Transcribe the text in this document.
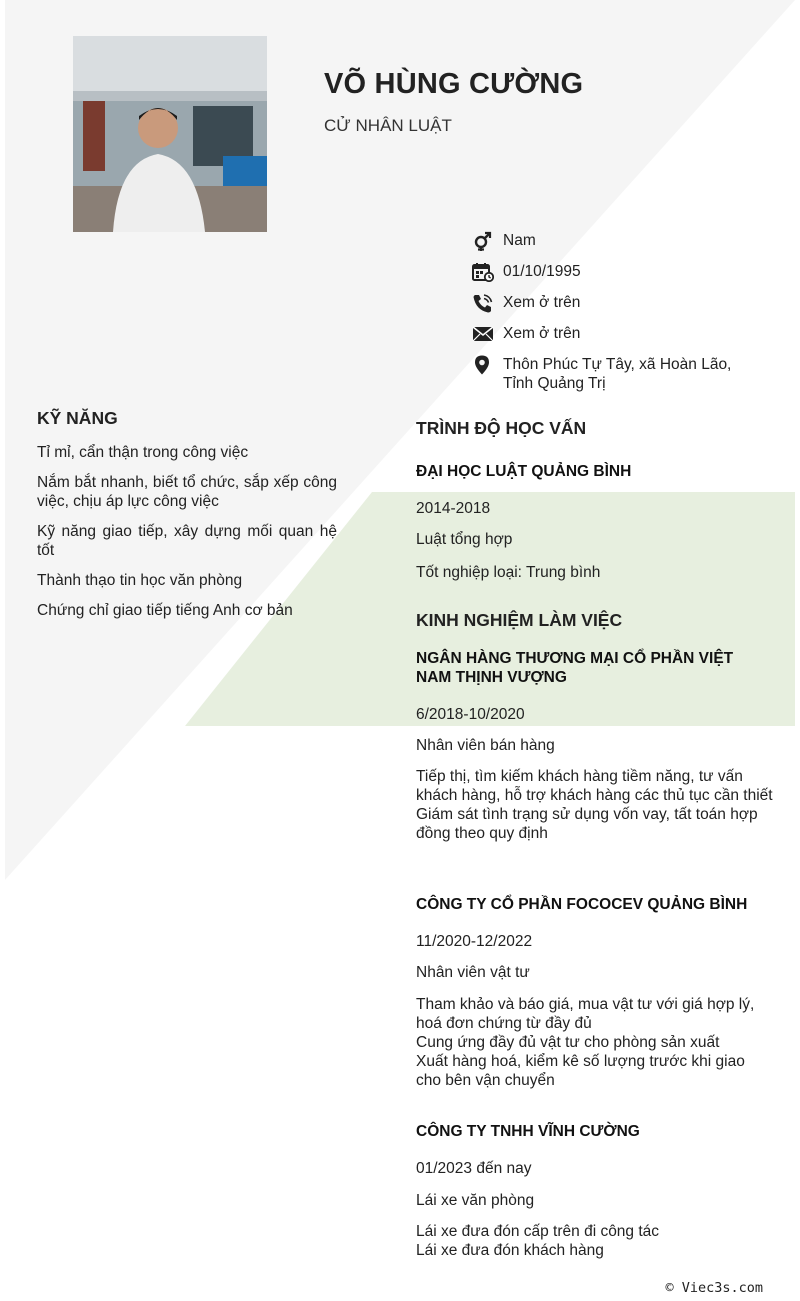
VÕ HÙNG CƯỜNG
CỬ NHÂN LUẬT
Nam
01/10/1995
Xem ở trên
Xem ở trên
Thôn Phúc Tự Tây, xã Hoàn Lão, Tỉnh Quảng Trị
KỸ NĂNG
Tỉ mỉ, cẩn thận trong công việc
Nắm bắt nhanh, biết tổ chức, sắp xếp công việc, chịu áp lực công việc
Kỹ năng giao tiếp, xây dựng mối quan hệ tốt
Thành thạo tin học văn phòng
Chứng chỉ giao tiếp tiếng Anh cơ bản
TRÌNH ĐỘ HỌC VẤN
ĐẠI HỌC LUẬT QUẢNG BÌNH
2014-2018
Luật tổng hợp
Tốt nghiệp loại: Trung bình
KINH NGHIỆM LÀM VIỆC
NGÂN HÀNG THƯƠNG MẠI CỔ PHẦN VIỆT NAM THỊNH VƯỢNG
6/2018-10/2020
Nhân viên bán hàng
Tiếp thị, tìm kiếm khách hàng tiềm năng, tư vấn khách hàng, hỗ trợ khách hàng các thủ tục cần thiết
Giám sát tình trạng sử dụng vốn vay, tất toán hợp đồng theo quy định
CÔNG TY CỔ PHẦN FOCOCEV QUẢNG BÌNH
11/2020-12/2022
Nhân viên vật tư
Tham khảo và báo giá, mua vật tư với giá hợp lý, hoá đơn chứng từ đầy đủ
Cung ứng đầy đủ vật tư cho phòng sản xuất
Xuất hàng hoá, kiểm kê số lượng trước khi giao cho bên vận chuyển
CÔNG TY TNHH VĨNH CƯỜNG
01/2023 đến nay
Lái xe văn phòng
Lái xe đưa đón cấp trên đi công tác
Lái xe đưa đón khách hàng
© Viec3s.com
